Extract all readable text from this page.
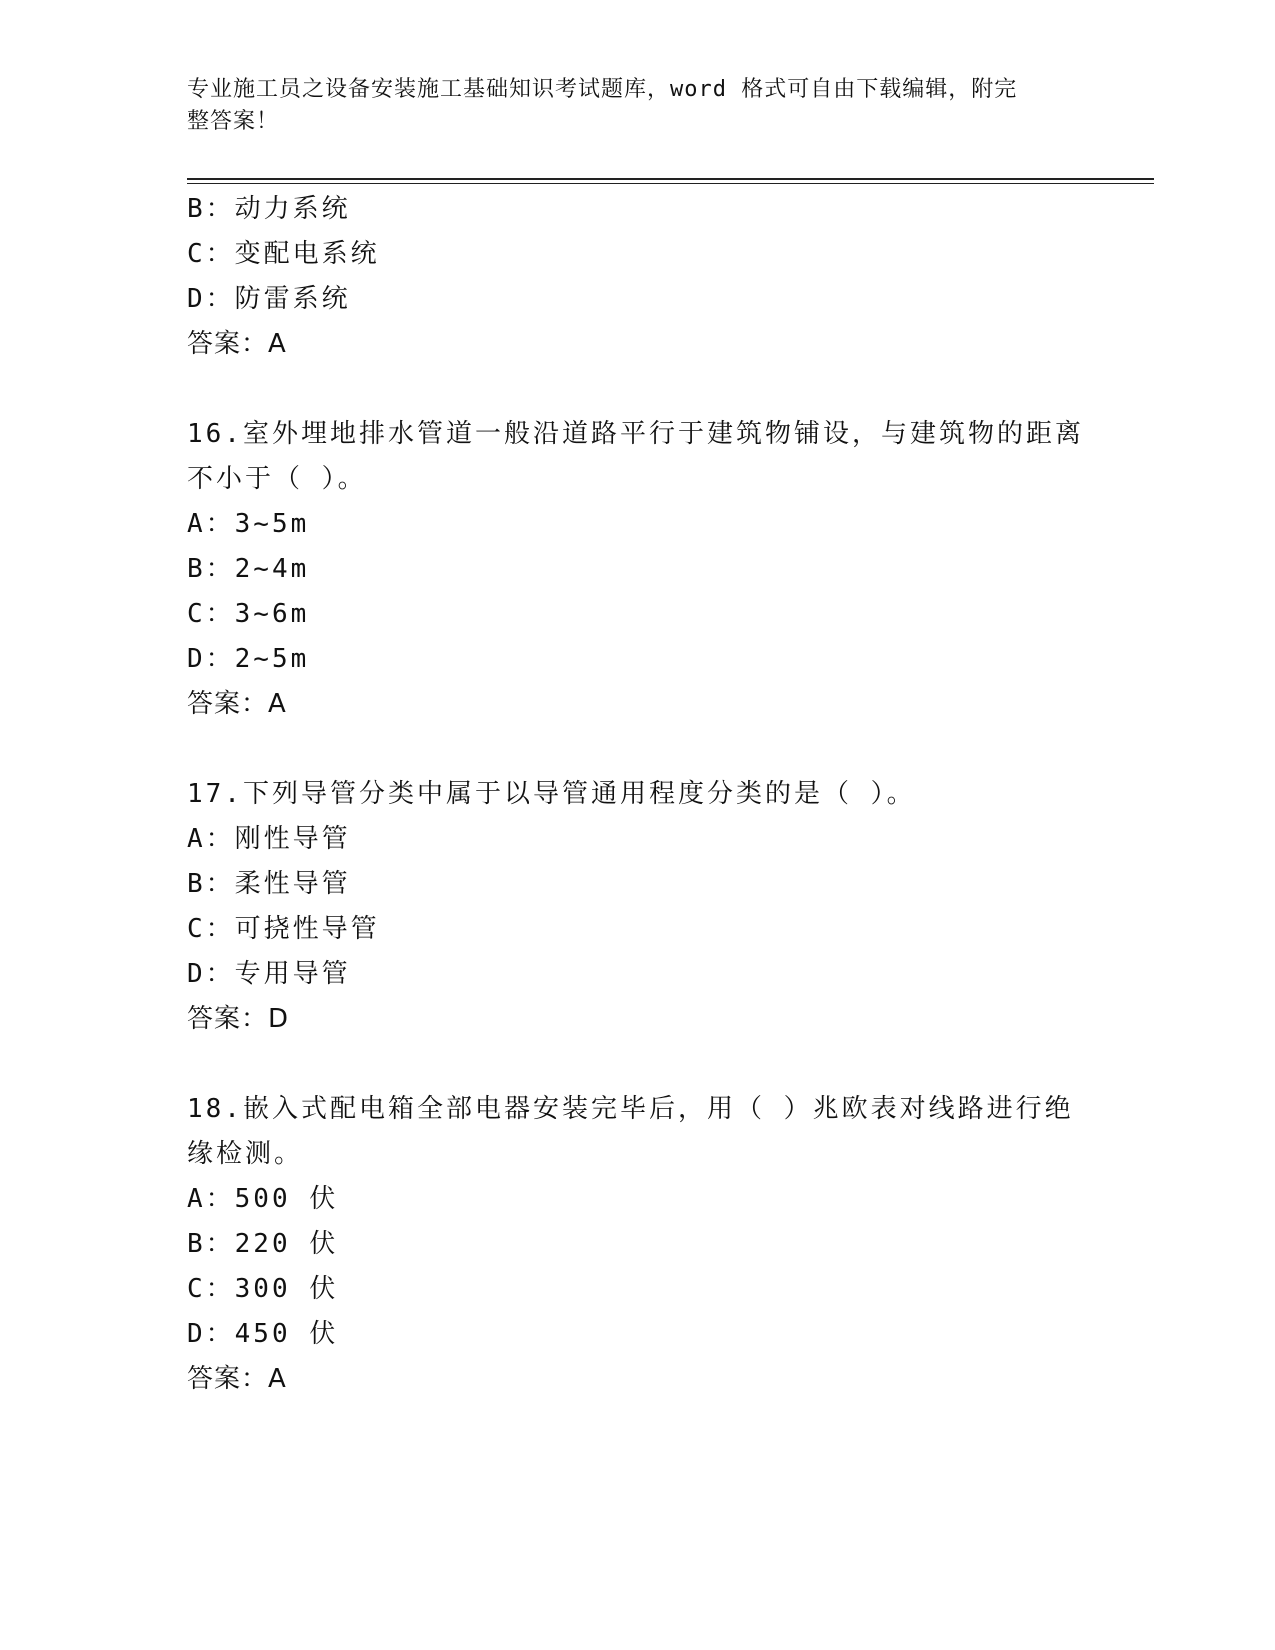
专业施工员之设备安装施工基础知识考试题库，word 格式可自由下载编辑，附完
整答案！
B：动力系统
C：变配电系统
D：防雷系统
答案：A
16.室外埋地排水管道一般沿道路平行于建筑物铺设，与建筑物的距离
不小于（ ）。
A：3~5m
B：2~4m
C：3~6m
D：2~5m
答案：A
17.下列导管分类中属于以导管通用程度分类的是（ ）。
A：刚性导管
B：柔性导管
C：可挠性导管
D：专用导管
答案：D
18.嵌入式配电箱全部电器安装完毕后，用（ ）兆欧表对线路进行绝
缘检测。
A：500 伏
B：220 伏
C：300 伏
D：450 伏
答案：A
